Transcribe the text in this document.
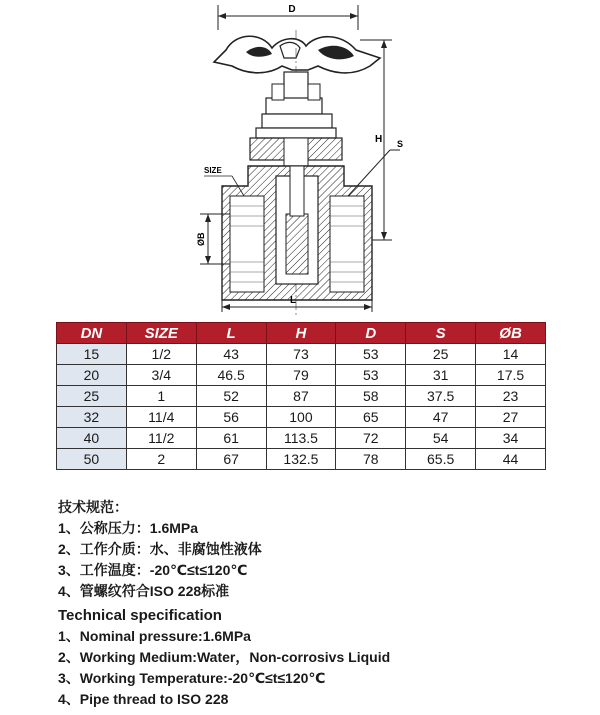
D
H S
SIZE
ØB
L
DN	SIZE	L	H	D	S	ØB
15	1/2	43	73	53	25	14
20	3/4	46.5	79	53	31	17.5
25	1	52	87	58	37.5	23
32	11/4	56	100	65	47	27
40	11/2	61	113.5	72	54	34
50	2	67	132.5	78	65.5	44
技术规范：
1、公称压力：1.6MPa
2、工作介质：水、非腐蚀性液体
3、工作温度：-20℃≤t≤120℃
4、管螺纹符合ISO 228标准
Technical specification
1、Nominal pressure:1.6MPa
2、Working Medium:Water，Non-corrosivs Liquid
3、Working Temperature:-20℃≤t≤120℃
4、Pipe thread to ISO 228
